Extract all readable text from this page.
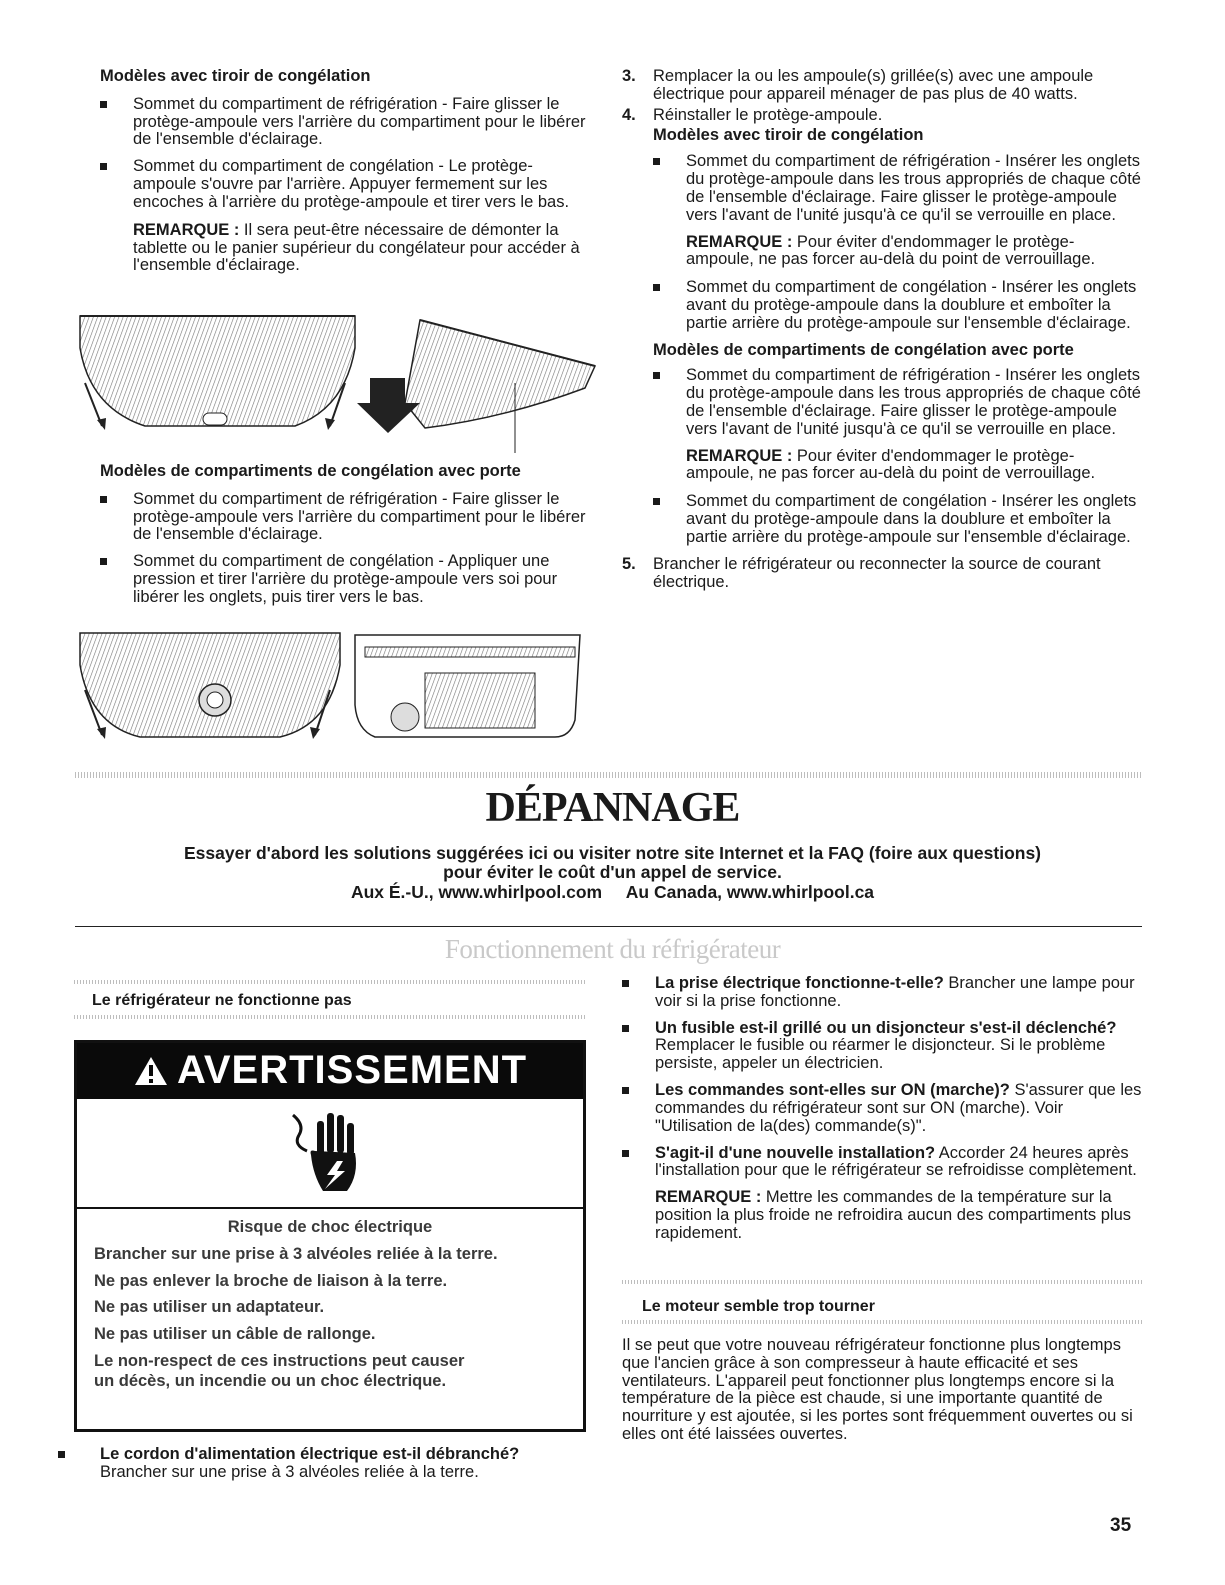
Modèles avec tiroir de congélation
Sommet du compartiment de réfrigération - Faire glisser le protège-ampoule vers l'arrière du compartiment pour le libérer de l'ensemble d'éclairage.
Sommet du compartiment de congélation - Le protège-ampoule s'ouvre par l'arrière. Appuyer fermement sur les encoches à l'arrière du protège-ampoule et tirer vers le bas.
REMARQUE : Il sera peut-être nécessaire de démonter la tablette ou le panier supérieur du congélateur pour accéder à l'ensemble d'éclairage.
Modèles de compartiments de congélation avec porte
Sommet du compartiment de réfrigération - Faire glisser le protège-ampoule vers l'arrière du compartiment pour le libérer de l'ensemble d'éclairage.
Sommet du compartiment de congélation - Appliquer une pression et tirer l'arrière du protège-ampoule vers soi pour libérer les onglets, puis tirer vers le bas.
3. Remplacer la ou les ampoule(s) grillée(s) avec une ampoule électrique pour appareil ménager de pas plus de 40 watts.
4. Réinstaller le protège-ampoule.
Modèles avec tiroir de congélation
Sommet du compartiment de réfrigération - Insérer les onglets du protège-ampoule dans les trous appropriés de chaque côté de l'ensemble d'éclairage. Faire glisser le protège-ampoule vers l'avant de l'unité jusqu'à ce qu'il se verrouille en place.
REMARQUE : Pour éviter d'endommager le protège-ampoule, ne pas forcer au-delà du point de verrouillage.
Sommet du compartiment de congélation - Insérer les onglets avant du protège-ampoule dans la doublure et emboîter la partie arrière du protège-ampoule sur l'ensemble d'éclairage.
Modèles de compartiments de congélation avec porte
Sommet du compartiment de réfrigération - Insérer les onglets du protège-ampoule dans les trous appropriés de chaque côté de l'ensemble d'éclairage. Faire glisser le protège-ampoule vers l'avant de l'unité jusqu'à ce qu'il se verrouille en place.
REMARQUE : Pour éviter d'endommager le protège-ampoule, ne pas forcer au-delà du point de verrouillage.
Sommet du compartiment de congélation - Insérer les onglets avant du protège-ampoule dans la doublure et emboîter la partie arrière du protège-ampoule sur l'ensemble d'éclairage.
5. Brancher le réfrigérateur ou reconnecter la source de courant électrique.
DÉPANNAGE
Essayer d'abord les solutions suggérées ici ou visiter notre site Internet et la FAQ (foire aux questions)
pour éviter le coût d'un appel de service.
Aux É.-U., www.whirlpool.com     Au Canada, www.whirlpool.ca
Fonctionnement du réfrigérateur
Le réfrigérateur ne fonctionne pas
AVERTISSEMENT

Risque de choc électrique

Brancher sur une prise à 3 alvéoles reliée à la terre.

Ne pas enlever la broche de liaison à la terre.

Ne pas utiliser un adaptateur.

Ne pas utiliser un câble de rallonge.

Le non-respect de ces instructions peut causer

un décès, un incendie ou un choc électrique.

Le cordon d'alimentation électrique est-il débranché?
Brancher sur une prise à 3 alvéoles reliée à la terre.
La prise électrique fonctionne-t-elle? Brancher une lampe pour voir si la prise fonctionne.
Un fusible est-il grillé ou un disjoncteur s'est-il déclenché? Remplacer le fusible ou réarmer le disjoncteur. Si le problème persiste, appeler un électricien.
Les commandes sont-elles sur ON (marche)? S'assurer que les commandes du réfrigérateur sont sur ON (marche). Voir "Utilisation de la(des) commande(s)".
S'agit-il d'une nouvelle installation? Accorder 24 heures après l'installation pour que le réfrigérateur se refroidisse complètement.
REMARQUE : Mettre les commandes de la température sur la position la plus froide ne refroidira aucun des compartiments plus rapidement.
Le moteur semble trop tourner
Il se peut que votre nouveau réfrigérateur fonctionne plus longtemps que l'ancien grâce à son compresseur à haute efficacité et ses ventilateurs. L'appareil peut fonctionner plus longtemps encore si la température de la pièce est chaude, si une importante quantité de nourriture y est ajoutée, si les portes sont fréquemment ouvertes ou si elles ont été laissées ouvertes.
35
